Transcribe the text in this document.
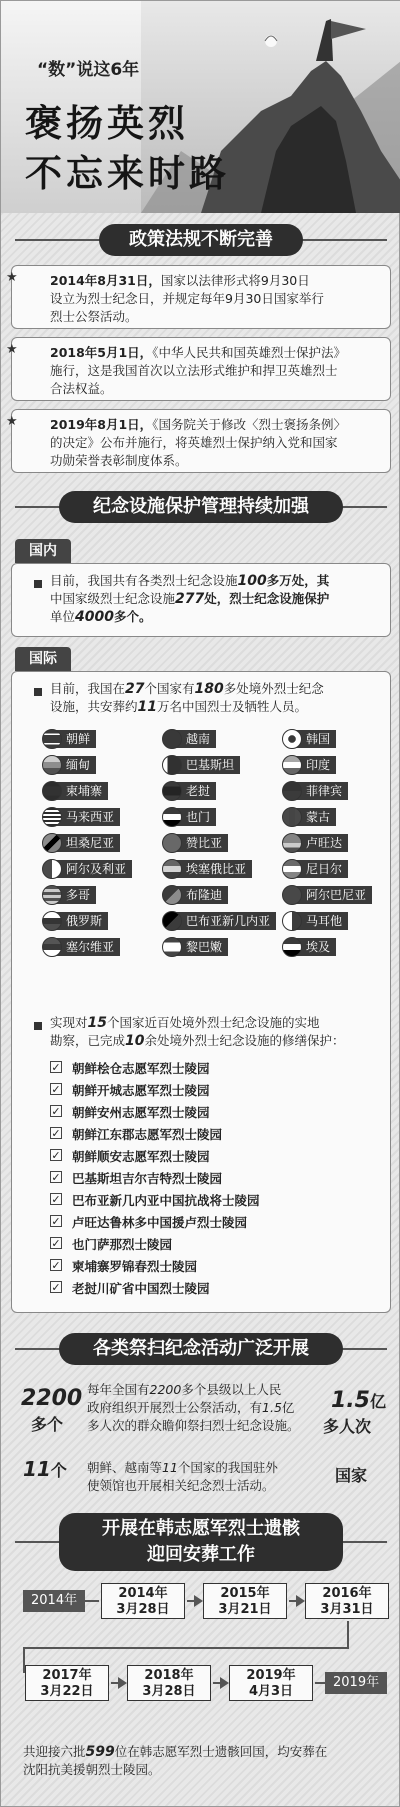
“数”说这6年
褒扬英烈
不忘来时路
政策法规不断完善
★	2014年8月31日，国家以法律形式将9月30日
设立为烈士纪念日，并规定每年9月30日国家举行
烈士公祭活动。

★	2018年5月1日，《中华人民共和国英雄烈士保护法》
施行，这是我国首次以立法形式维护和捍卫英雄烈士
合法权益。

★	2019年8月1日，《国务院关于修改〈烈士褒扬条例〉
的决定》公布并施行，将英雄烈士保护纳入党和国家
功勋荣誉表彰制度体系。

纪念设施保护管理持续加强
国内

目前，我国共有各类烈士纪念设施100多万处，其
中国家级烈士纪念设施277处，烈士纪念设施保护
单位4000多个。

国际

目前，我国在27个国家有180多处境外烈士纪念
设施，共安葬约11万名中国烈士及牺牲人员。

朝鲜	越南	韩国
缅甸	巴基斯坦	印度
柬埔寨	老挝	菲律宾
马来西亚	也门	蒙古
坦桑尼亚	赞比亚	卢旺达
阿尔及利亚	埃塞俄比亚	尼日尔
多哥	布隆迪	阿尔巴尼亚
俄罗斯	巴布亚新几内亚	马耳他
塞尔维亚	黎巴嫩	埃及

实现对15个国家近百处境外烈士纪念设施的实地
勘察，已完成10余处境外烈士纪念设施的修缮保护：

✓ 朝鲜桧仓志愿军烈士陵园
✓ 朝鲜开城志愿军烈士陵园
✓ 朝鲜安州志愿军烈士陵园
✓ 朝鲜江东郡志愿军烈士陵园
✓ 朝鲜顺安志愿军烈士陵园
✓ 巴基斯坦吉尔吉特烈士陵园
✓ 巴布亚新几内亚中国抗战将士陵园
✓ 卢旺达鲁林多中国援卢烈士陵园
✓ 也门萨那烈士陵园
✓ 柬埔寨罗锦春烈士陵园
✓ 老挝川矿省中国烈士陵园
各类祭扫纪念活动广泛开展
2200
多个
每年全国有2200多个县级以上人民
政府组织开展烈士公祭活动，有1.5亿
多人次的群众瞻仰祭扫烈士纪念设施。
1.5亿
多人次
11个 朝鲜、越南等11个国家的我国驻外
使领馆也开展相关纪念烈士活动。
国家
开展在韩志愿军烈士遗骸
迎回安葬工作
2014年	2014年
3月28日
2015年
3月21日
2016年
3月31日
2017年
3月22日
2018年
3月28日
2019年
4月3日
2019年
共迎接六批599位在韩志愿军烈士遗骸回国，均安葬在
沈阳抗美援朝烈士陵园。
